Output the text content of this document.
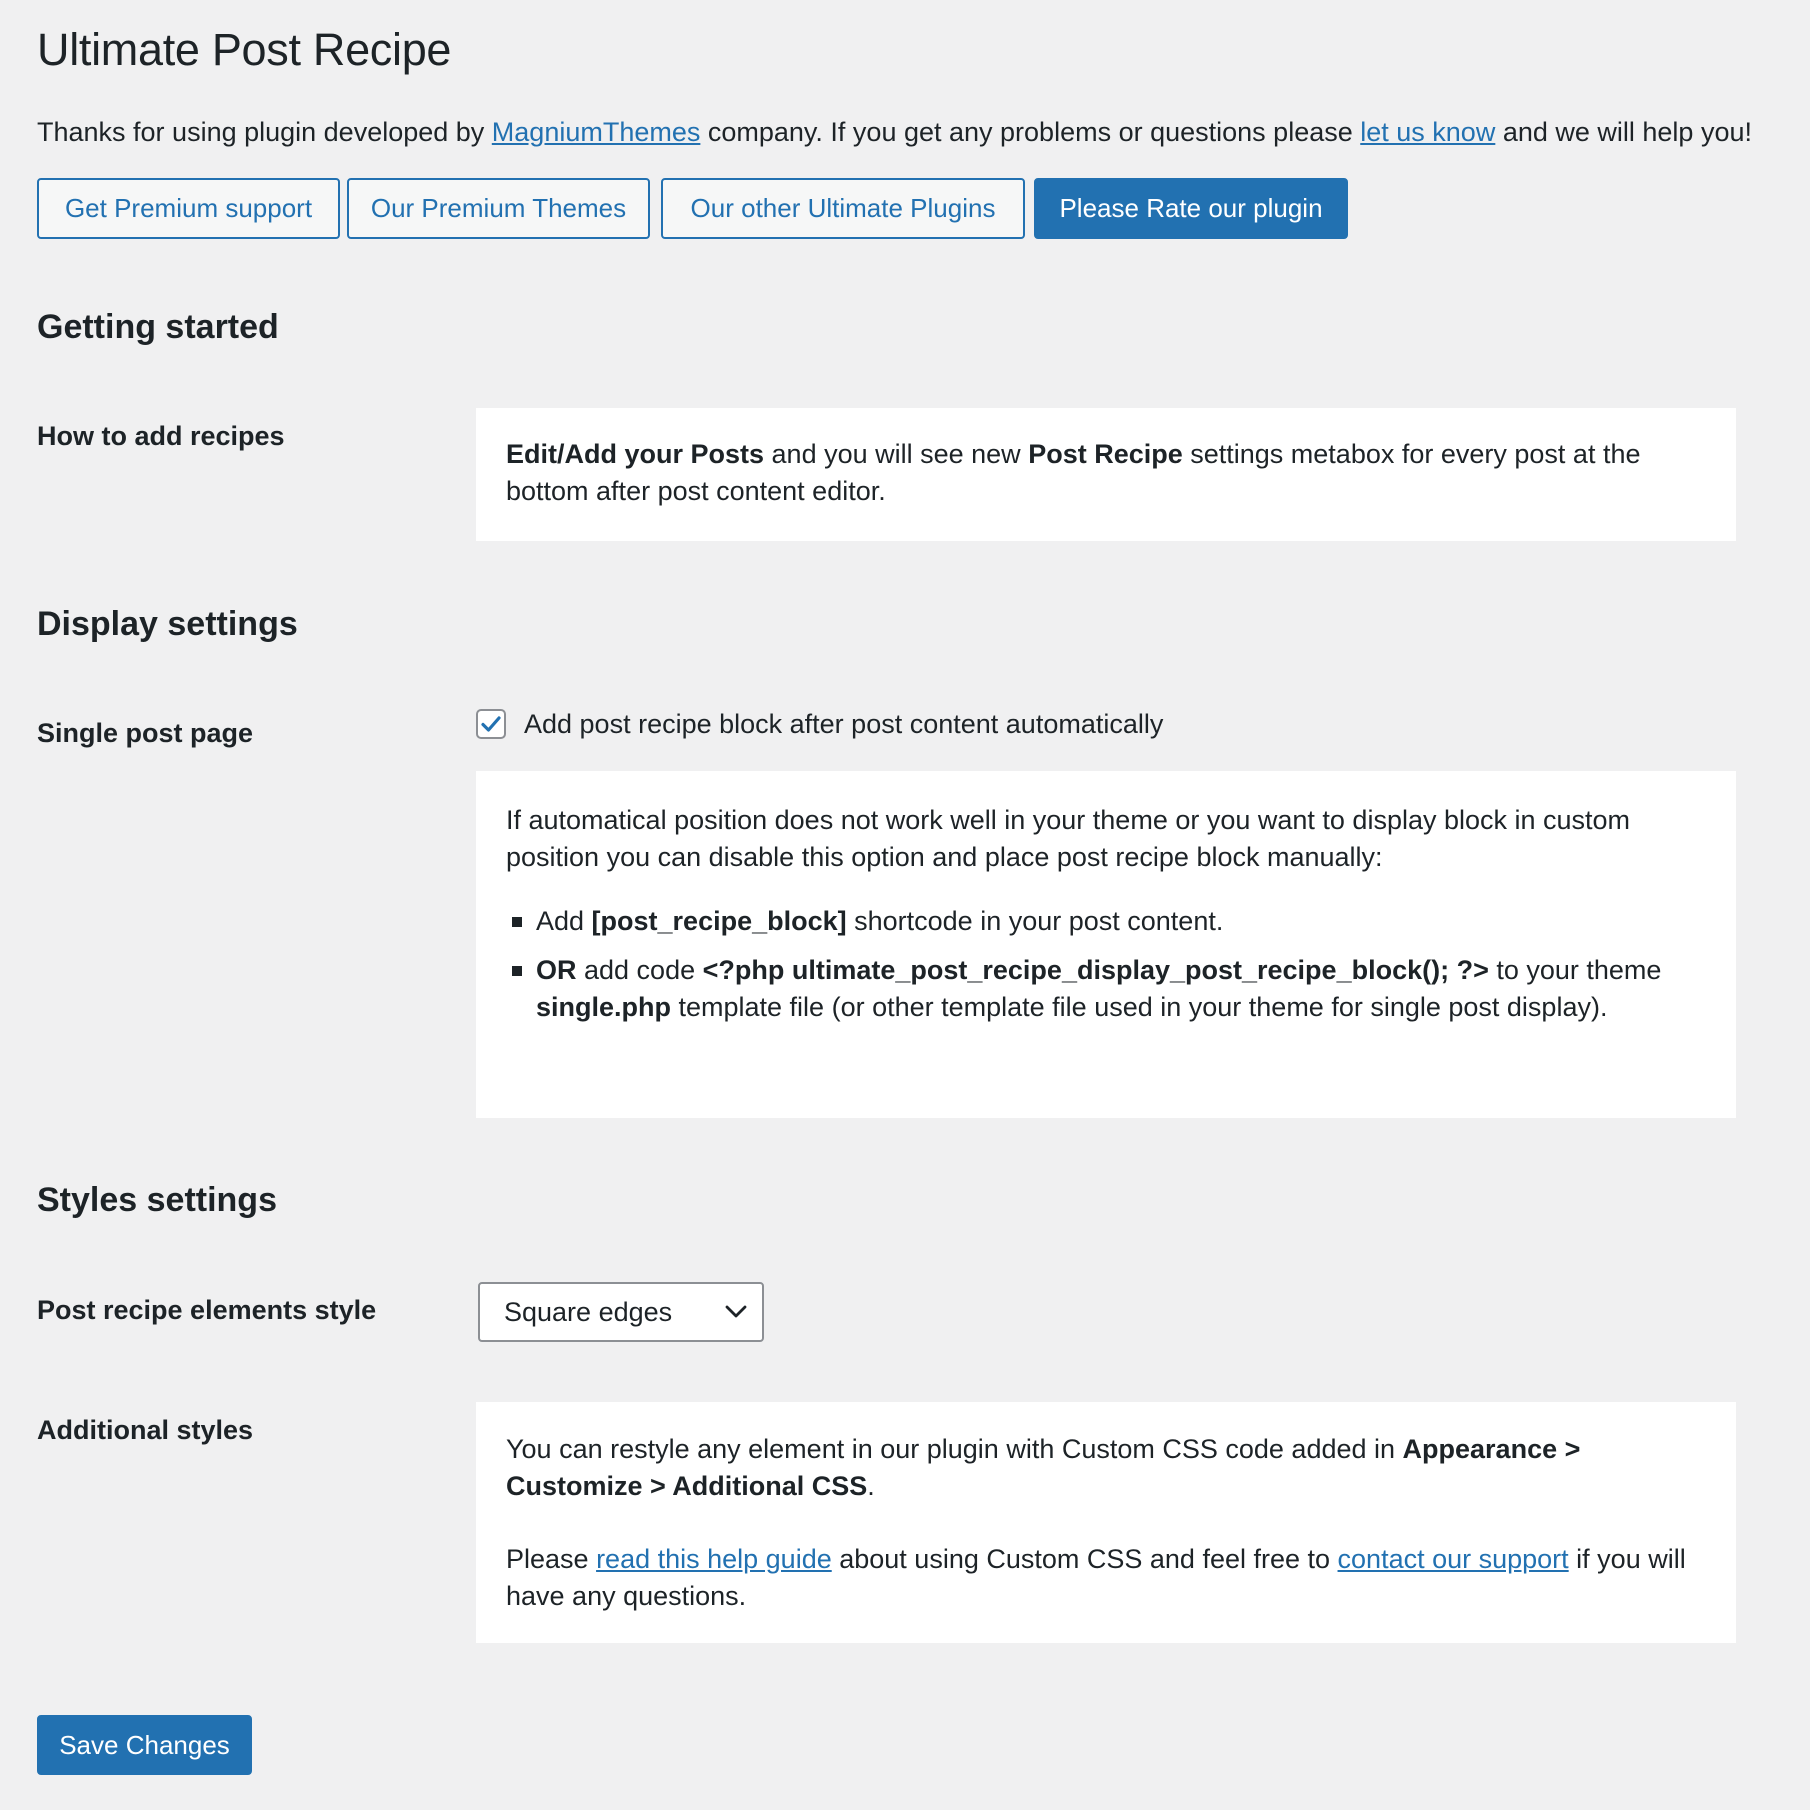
Ultimate Post Recipe

Thanks for using plugin developed by MagniumThemes company. If you get any problems or questions please let us know and we will help you!

Get Premium support	Our Premium Themes	Our other Ultimate Plugins	Please Rate our plugin
Getting started
How to add recipes

Edit/Add your Posts and you will see new Post Recipe settings metabox for every post at the bottom after post content editor.

Display settings
Single post page	Add post recipe block after post content automatically

If automatical position does not work well in your theme or you want to display block in custom position you can disable this option and place post recipe block manually:

Add [post_recipe_block] shortcode in your post content.
OR add code <?php ultimate_post_recipe_display_post_recipe_block(); ?> to your theme single.php template file (or other template file used in your theme for single post display).
Styles settings
Post recipe elements style	Square edges
Additional styles

You can restyle any element in our plugin with Custom CSS code added in Appearance > Customize > Additional CSS.

Please read this help guide about using Custom CSS and feel free to contact our support if you will have any questions.

Save Changes
